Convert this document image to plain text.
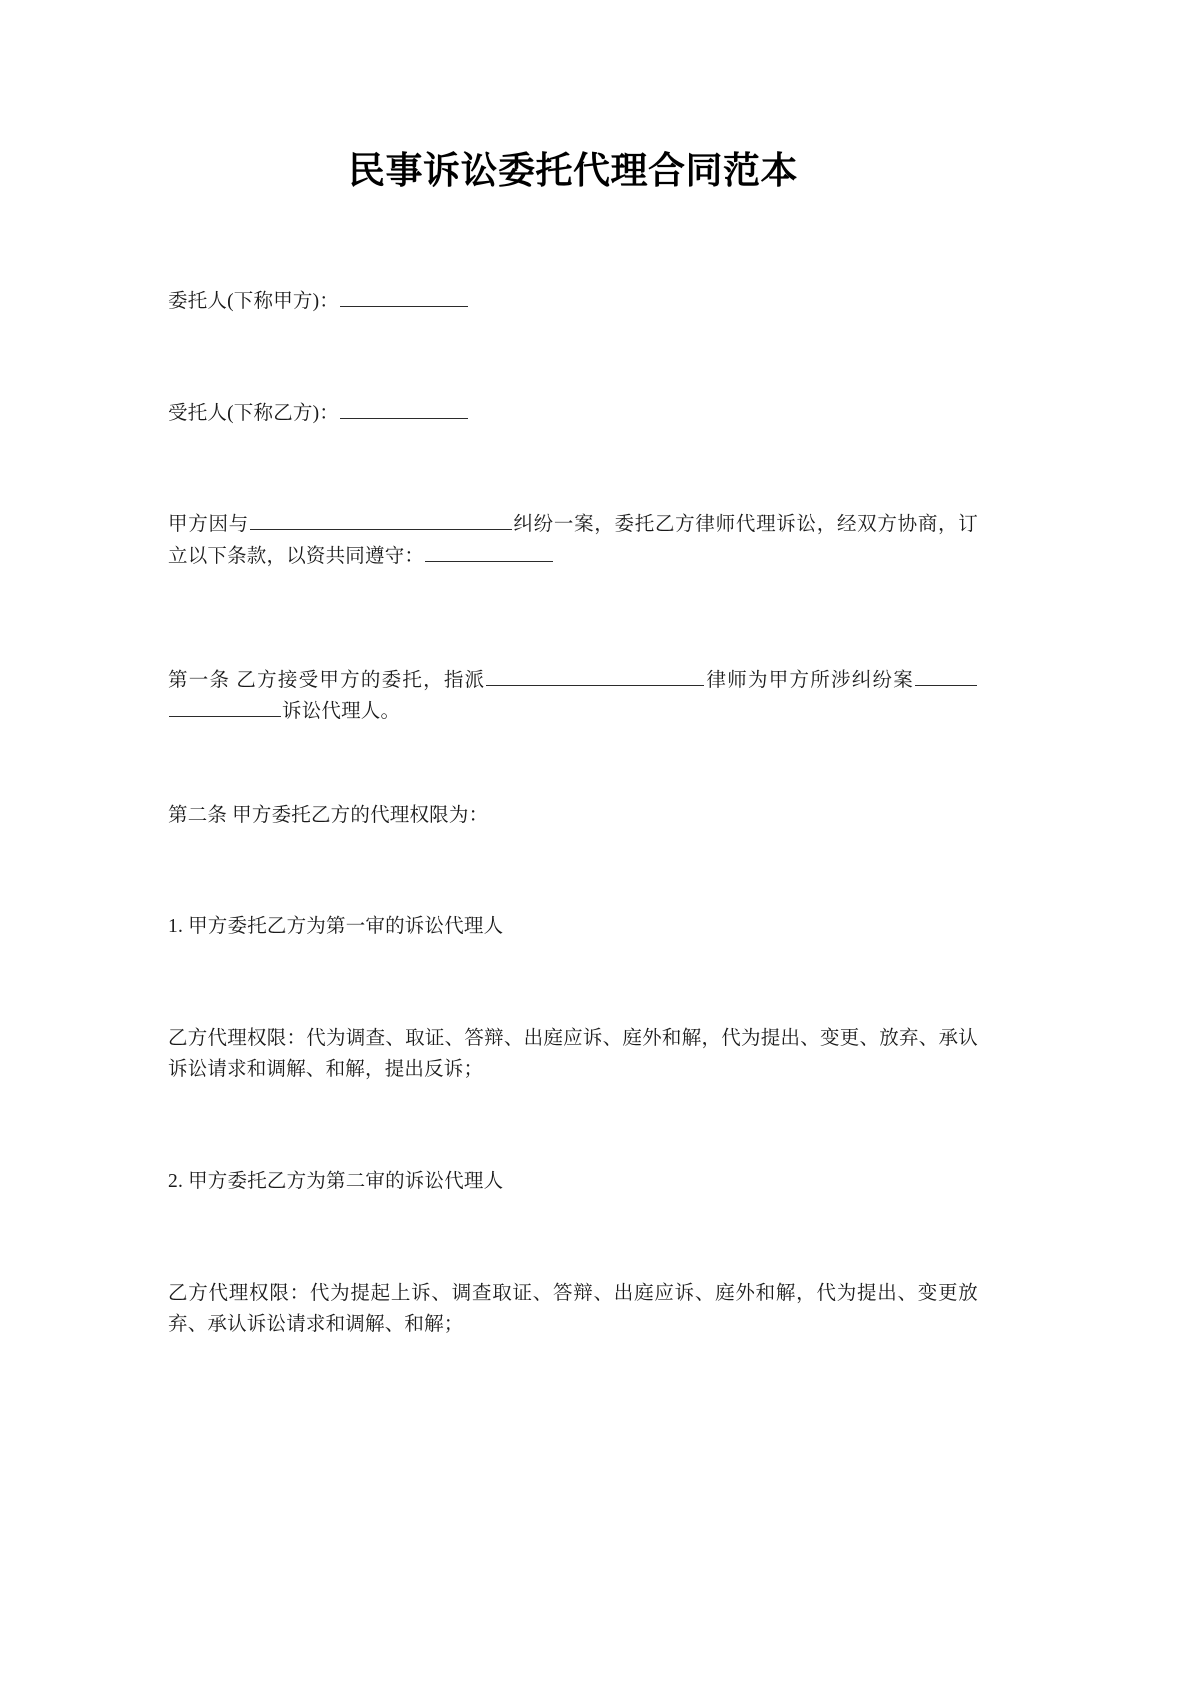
民事诉讼委托代理合同范本

委托人(下称甲方)：

受托人(下称乙方)：

甲方因与	纠纷一案，委托乙方律师代理诉讼，经双方协商，订立以下条款，以资共同遵守：

第一条 乙方接受甲方的委托，指派	律师为甲方所涉纠纷案诉讼代理人。

第二条 甲方委托乙方的代理权限为：

1. 甲方委托乙方为第一审的诉讼代理人

乙方代理权限：代为调查、取证、答辩、出庭应诉、庭外和解，代为提出、变更、放弃、承认诉讼请求和调解、和解，提出反诉；

2. 甲方委托乙方为第二审的诉讼代理人

乙方代理权限：代为提起上诉、调查取证、答辩、出庭应诉、庭外和解，代为提出、变更放弃、承认诉讼请求和调解、和解；
